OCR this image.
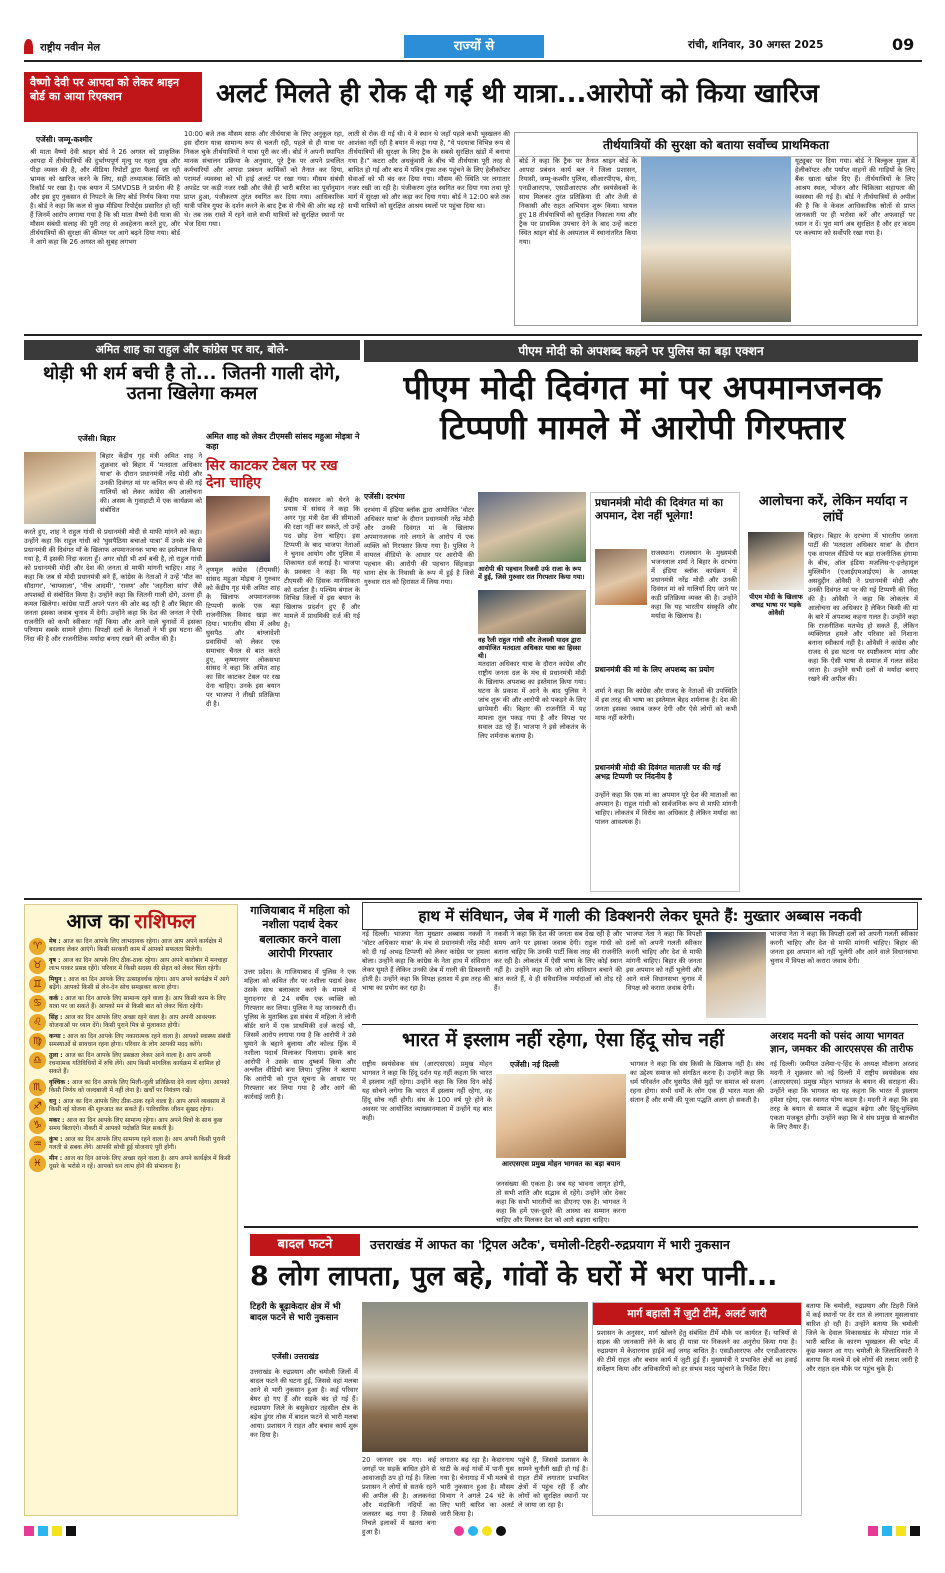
राष्ट्रीय नवीन मेल	राज्यों से	रांची, शनिवार, 30 अगस्त 2025	09
वैष्णो देवी पर आपदा को लेकर श्राइन बोर्ड का आया रिएक्शन	अलर्ट मिलते ही रोक दी गई थी यात्रा...आरोपों को किया खारिज
एजेंसी। जम्मू-कश्मीर
श्री माता वैष्णो देवी श्राइन बोर्ड ने 26 अगस्त को प्राकृतिक आपदा में तीर्थयात्रियों की दुर्भाग्यपूर्ण मृत्यु पर गहरा दुख और पीड़ा व्यक्त की है, और मीडिया रिपोर्टों द्वारा फैलाई जा रही भ्रामक को खारिज करने के लिए, सही तथ्यात्मक स्थिति को रिकॉर्ड पर रखा है। एक बयान में SMVDSB ने प्रार्थना की है और इस हुए नुकसान से निपटने के लिए बोर्ड निर्णय किया गया है। बोर्ड ने कहा कि कल से कुछ मीडिया रिपोर्ट्स प्रसारित हो रही हैं जिनमें आरोप लगाया गया है कि श्री माता वैष्णो देवी यात्रा की मौसम संबंधी सलाह की पूरी तरह से अवहेलना करते हुए, और तीर्थयात्रियों की सुरक्षा की कीमत पर आगे बढ़ने दिया गया। बोर्ड ने आगे कहा कि 26 अगस्त को सुबह लगभग
10:00 बजे तक मौसम साफ़ और तीर्थयात्रा के लिए अनुकूल रहा, इस दौरान यात्रा सामान्य रूप से चलती रही, पहले से ही यात्रा पर निकल चुके तीर्थयात्रियों ने यात्रा पूरी कर ली। बोर्ड ने अपनी स्थापित मानक संचालन प्रक्रिया के अनुसार, पूरे ट्रैक पर अपने प्रचलित कर्मचारियों और आपदा प्रबंधन कार्मिकों को तैनात कर दिया, परामर्श व्यवस्था को भी हाई अलर्ट पर रखा गया। मौसम संबंधी अपडेट पर कड़ी नजर रखी और जैसे ही भारी बारिश का पूर्वानुमान प्राप्त हुआ, पंजीकरण तुरंत स्थगित कर दिया गया। आधिकारिक यात्री पवित्र गुफा के दर्शन करने के बाद ट्रैक से नीचे की ओर बढ़ रहे थे। तब तक रास्ते में रहने वाले सभी यात्रियों को सुरक्षित स्थानों पर भेज दिया गया।
लाती से रोक दी गई थी। ये वे स्थान थे जहाँ पहले कभी भूस्खलन की आशंका नहीं रही है बयान में कहा गया है, "ये पदयात्रा विभिन्न रूप से तीर्थयात्रियों की सुरक्षा के लिए ट्रैक के सबसे सुरक्षित खंडों में बनाया गया है।" कटरा और अधकुंवारी के बीच भी तीर्थयात्रा पूरी तरह से बाधित हो गई और बाद में पवित्र गुफा तक पहुंचने के लिए हेलीकॉप्टर सेवाओं को भी बंद कर दिया गया। मौसम की स्थिति पर लगातार नजर रखी जा रही है। पंजीकरण तुरंत स्थगित कर दिया गया तथा पूरे मार्ग में सुरक्षा को और कड़ा कर दिया गया। बोर्ड ने 12:00 बजे तक सभी यात्रियों को सुरक्षित आश्रय स्थलों पर पहुंचा दिया था।
तीर्थयात्रियों की सुरक्षा को बताया सर्वोच्च प्राथमिकता
बोर्ड ने कहा कि ट्रैक पर तैनात श्राइन बोर्ड के आपदा प्रबंधन कार्य बल ने जिला प्रशासन, रियासी, जम्मू-कश्मीर पुलिस, सीआरपीएफ, सेना, एनडीआरएफ, एसडीआरएफ और स्वयंसेवकों के साथ मिलकर तुरंत प्रतिक्रिया दी और तेजी से निकासी और राहत अभियान शुरू किया। घायल हुए 18 तीर्थयात्रियों को सुरक्षित निकाला गया और ट्रैक पर प्राथमिक उपचार देने के बाद उन्हें कटरा स्थित श्राइन बोर्ड के अस्पताल में स्थानांतरित किया गया।
यूट्यूबर पर दिया गया। बोर्ड ने बिल्कुल मुफ़्त में हेलीकॉप्टर और पर्याप्त वाहनों की गाड़ियों के लिए बैंक खाता खोल दिए हैं। तीर्थयात्रियों के लिए आश्रय स्थल, भोजन और चिकित्सा सहायता की व्यवस्था की गई है। बोर्ड ने तीर्थयात्रियों से अपील की है कि वे केवल आधिकारिक स्रोतों से प्राप्त जानकारी पर ही भरोसा करें और अफवाहों पर ध्यान न दें। पूरा मार्ग अब सुरक्षित है और हर कदम पर कल्याण को सर्वोपरि रखा गया है।
अमित शाह का राहुल और कांग्रेस पर वार, बोले-
थोड़ी भी शर्म बची है तो... जितनी गाली दोगे, उतना खिलेगा कमल
एजेंसी। बिहार
बिहार केंद्रीय गृह मंत्री अमित शाह ने शुक्रवार को बिहार में 'मतदाता अधिकार यात्रा' के दौरान प्रधानमंत्री नरेंद्र मोदी और उनकी दिवंगत मां पर कथित रूप से की गई गालियों को लेकर कांग्रेस की आलोचना की। असम के गुवाहाटी में एक कार्यक्रम को संबोधित
करते हुए, शाह ने राहुल गांधी से प्रधानमंत्री मोदी से माफी मांगने को कहा। उन्होंने कहा कि राहुल गांधी को 'घुसपैठिया बचाओ यात्रा' में उनके मंच से प्रधानमंत्री की दिवंगत माँ के खिलाफ अपमानजनक भाषा का इस्तेमाल किया गया है, मैं इसकी निंदा करता हूँ। अगर थोड़ी भी शर्म बची है, तो राहुल गांधी को प्रधानमंत्री मोदी और देश की जनता से माफी मांगनी चाहिए। शाह ने कहा कि जब से मोदी प्रधानमंत्री बने हैं, कांग्रेस के नेताओं ने उन्हें 'मौत का सौदागर', 'चायवाला', 'नीच आदमी', 'रावण' और 'जहरीला सांप' जैसे अपशब्दों से संबोधित किया है। उन्होंने कहा कि जितनी गाली दोगे, उतना ही कमल खिलेगा। कांग्रेस पार्टी अपने पतन की ओर बढ़ रही है और बिहार की जनता इसका जवाब चुनाव में देगी। उन्होंने कहा कि देश की जनता ने ऐसी राजनीति को कभी स्वीकार नहीं किया और आने वाले चुनावों में इसका परिणाम सबके सामने होगा। विपक्षी दलों के नेताओं ने भी इस घटना की निंदा की है और राजनीतिक मर्यादा बनाए रखने की अपील की है।
अमित शाह को लेकर टीएमसी सांसद महुआ मोइत्रा ने कहा
सिर काटकर टेबल पर रख देना चाहिए
तृणमूल कांग्रेस (टीएमसी) सांसद महुआ मोइत्रा ने गुरुवार को केंद्रीय गृह मंत्री अमित शाह के खिलाफ अपमानजनक टिप्पणी करके एक बड़ा राजनीतिक विवाद खड़ा कर दिया। भारतीय सीमा में अवैध घुसपैठ और बांग्लादेशी प्रवासियों को लेकर एक समाचार चैनल से बात करते हुए, कृष्णानगर लोकसभा सांसद ने कहा कि अमित शाह का सिर काटकर टेबल पर रख देना चाहिए। उनके इस बयान पर भाजपा ने तीखी प्रतिक्रिया दी है।
केंद्रीय सरकार को घेरने के प्रयास में सांसद ने कहा कि अगर गृह मंत्री देश की सीमाओं की रक्षा नहीं कर सकते, तो उन्हें पद छोड़ देना चाहिए। इस टिप्पणी के बाद भाजपा नेताओं ने चुनाव आयोग और पुलिस में शिकायत दर्ज कराई है। भाजपा के प्रवक्ता ने कहा कि यह टीएमसी की हिंसक मानसिकता को दर्शाता है। पश्चिम बंगाल के विभिन्न जिलों में इस बयान के खिलाफ प्रदर्शन हुए हैं और मामले में प्राथमिकी दर्ज की गई है।
पीएम मोदी को अपशब्द कहने पर पुलिस का बड़ा एक्शन
पीएम मोदी दिवंगत मां पर अपमानजनक टिप्पणी मामले में आरोपी गिरफ्तार
एजेंसी। दरभंगा
दरभंगा में इंडिया ब्लॉक द्वारा आयोजित 'वोटर अधिकार यात्रा' के दौरान प्रधानमंत्री नरेंद्र मोदी और उनकी दिवंगत मां के खिलाफ अपमानजनक नारे लगाने के आरोप में एक व्यक्ति को गिरफ्तार किया गया है। पुलिस ने वायरल वीडियो के आधार पर आरोपी की पहचान की। आरोपी की पहचान सिंहवाड़ा थाना क्षेत्र के निवासी के रूप में हुई है जिसे गुरुवार रात को हिरासत में लिया गया।
आरोपी की पहचान रिजवी उर्फ राजा के रूप में हुई, जिसे गुरुवार रात गिरफ्तार किया गया।
वह रैली राहुल गांधी और तेजस्वी यादव द्वारा आयोजित मतदाता अधिकार यात्रा का हिस्सा थी।
मतदाता अधिकार यात्रा के दौरान कांग्रेस और राष्ट्रीय जनता दल के मंच से प्रधानमंत्री मोदी के खिलाफ अपशब्द का इस्तेमाल किया गया। घटना के प्रकाश में आने के बाद पुलिस ने जांच शुरू की और आरोपी को पकड़ने के लिए छापेमारी की। बिहार की राजनीति में यह मामला तूल पकड़ गया है और विपक्ष पर सवाल उठ रहे हैं। भाजपा ने इसे लोकतंत्र के लिए शर्मनाक बताया है।
प्रधानमंत्री मोदी की दिवंगत मां का अपमान, देश नहीं भूलेगा!
राजस्थान। राजस्थान के मुख्यमंत्री भजनलाल शर्मा ने बिहार के दरभंगा में इंडिया ब्लॉक कार्यक्रम में प्रधानमंत्री नरेंद्र मोदी और उनकी दिवंगत मां को गालियाँ दिए जाने पर कड़ी प्रतिक्रिया व्यक्त की है। उन्होंने कहा कि यह भारतीय संस्कृति और मर्यादा के खिलाफ है।
प्रधानमंत्री की मां के लिए अपशब्द का प्रयोग
शर्मा ने कहा कि कांग्रेस और राजद के नेताओं की उपस्थिति में इस तरह की भाषा का इस्तेमाल बेहद शर्मनाक है। देश की जनता इसका जवाब जरूर देगी और ऐसे लोगों को कभी माफ नहीं करेगी।
प्रधानमंत्री मोदी की दिवंगत माताजी पर की गई अभद्र टिप्पणी पर निंदनीय है
उन्होंने कहा कि एक मां का अपमान पूरे देश की माताओं का अपमान है। राहुल गांधी को सार्वजनिक रूप से माफी मांगनी चाहिए। लोकतंत्र में विरोध का अधिकार है लेकिन मर्यादा का पालन आवश्यक है।
आलोचना करें, लेकिन मर्यादा न लांघें
पीएम मोदी के खिलाफ अभद्र भाषा पर भड़के ओवैसी
बिहार। बिहार के दरभंगा में भारतीय जनता पार्टी की 'मतदाता अधिकार यात्रा' के दौरान एक वायरल वीडियो पर बड़ा राजनीतिक हंगामा के बीच, ऑल इंडिया मजलिस-ए-इत्तेहादुल मुस्लिमीन (एआईएमआईएम) के अध्यक्ष असदुद्दीन ओवैसी ने प्रधानमंत्री मोदी और उनकी दिवंगत मां पर की गई टिप्पणी की निंदा की है। ओवैसी ने कहा कि लोकतंत्र में आलोचना का अधिकार है लेकिन किसी की मां के बारे में अपशब्द कहना गलत है। उन्होंने कहा कि राजनीतिक मतभेद हो सकते हैं, लेकिन व्यक्तिगत हमले और परिवार को निशाना बनाना स्वीकार्य नहीं है। ओवैसी ने कांग्रेस और राजद से इस घटना पर स्पष्टीकरण मांगा और कहा कि ऐसी भाषा से समाज में गलत संदेश जाता है। उन्होंने सभी दलों से मर्यादा बनाए रखने की अपील की।
आज का राशिफल
♈	मेष : आज का दिन आपके लिए लाभदायक रहेगा। आज आप अपने कार्यक्षेत्र में बदलाव लेकर आएंगे। किसी सरकारी काम में आपको सफलता मिलेगी।
♉	वृष : आज का दिन आपके लिए ठीक-ठाक रहेगा। आप अपने कारोबार में मनचाहा लाभ पाकर प्रसन्न रहेंगे। परिवार में किसी सदस्य की सेहत को लेकर चिंता रहेगी।
♊	मिथुन : आज का दिन आपके लिए उत्साहवर्धक रहेगा। आप अपने कार्यक्षेत्र में आगे बढ़ेंगे। आपको किसी से लेन-देन सोच समझकर करना होगा।
♋	कर्क : आज का दिन आपके लिए सामान्य रहने वाला है। आप किसी काम के लिए यात्रा पर जा सकते हैं। आपको मन से किसी बात को लेकर चिंता रहेगी।
♌	सिंह : आज का दिन आपके लिए अच्छा रहने वाला है। आप अपनी आवश्यक योजनाओं पर ध्यान देंगे। किसी पुराने मित्र से मुलाकात होगी।
♍	कन्या : आज का दिन आपके लिए नकारात्मक रहने वाला है। आपको स्वास्थ्य संबंधी समस्याओं से सावधान रहना होगा। परिवार के लोग आपकी मदद करेंगे।
♎	तुला : आज का दिन आपके लिए प्रसन्नता लेकर आने वाला है। आप अपनी रचनात्मक गतिविधियों में रुचि लेंगे। आप किसी मांगलिक कार्यक्रम में शामिल हो सकते हैं।
♏	वृश्चिक : आज का दिन आपके लिए मिली-जुली प्रतिक्रिया देने वाला रहेगा। आपको किसी निर्णय को जल्दबाजी में नहीं लेना है। खर्चों पर नियंत्रण रखें।
♐	धनु : आज का दिन आपके लिए ठीक-ठाक रहने वाला है। आप अपने व्यवसाय में किसी नई योजना की शुरुआत कर सकते हैं। पारिवारिक जीवन सुखद रहेगा।
♑	मकर : आज का दिन आपके लिए सामान्य रहेगा। आप अपने मित्रों के साथ कुछ समय बिताएंगे। नौकरी में आपको पदोन्नति मिल सकती है।
♒	कुंभ : आज का दिन आपके लिए सामान्य रहने वाला है। आप अपनी किसी पुरानी गलती से सबक लेंगे। आपकी सोची हुई योजनाएं पूरी होंगी।
♓	मीन : आज का दिन आपके लिए अच्छा रहने वाला है। आप अपने कार्यक्षेत्र में किसी दूसरे के भरोसे न रहें। आपको धन लाभ होने की संभावना है।
गाजियाबाद में महिला को नशीला पदार्थ देकर बलात्कार करने वाला आरोपी गिरफ्तार
उत्तर प्रदेश। के गाजियाबाद में पुलिस ने एक महिला को कथित तौर पर नशीला पदार्थ देकर उसके साथ बलात्कार करने के मामले में मुरादनगर से 24 वर्षीय एक व्यक्ति को गिरफ्तार कर लिया। पुलिस ने यह जानकारी दी। पुलिस के मुताबिक इस संबंध में महिला ने लोनी बॉर्डर थाने में एक प्राथमिकी दर्ज कराई थी, जिसमें आरोप लगाया गया है कि आरोपी ने उसे घुमाने के बहाने बुलाया और कोल्ड ड्रिंक में नशीला पदार्थ मिलाकर पिलाया। इसके बाद आरोपी ने उसके साथ दुष्कर्म किया और अश्लील वीडियो बना लिया। पुलिस ने बताया कि आरोपी को गुप्त सूचना के आधार पर गिरफ्तार कर लिया गया है और आगे की कार्रवाई जारी है।
हाथ में संविधान, जेब में गाली की डिक्शनरी लेकर घूमते हैं: मुख्तार अब्बास नकवी
नई दिल्ली। भाजपा नेता मुख्तार अब्बास नकवी ने 'वोटर अधिकार यात्रा' के मंच से प्रधानमंत्री नरेंद्र मोदी को दी गई अभद्र टिप्पणी को लेकर कांग्रेस पर हमला बोला। उन्होंने कहा कि कांग्रेस के नेता हाथ में संविधान लेकर घूमते हैं लेकिन उनकी जेब में गाली की डिक्शनरी होती है। उन्होंने कहा कि विपक्ष हताशा में इस तरह की भाषा का प्रयोग कर रहा है।
नकवी ने कहा कि देश की जनता सब देख रही है और समय आने पर इसका जवाब देगी। राहुल गांधी को बताना चाहिए कि उनकी पार्टी किस तरह की राजनीति कर रही है। लोकतंत्र में ऐसी भाषा के लिए कोई स्थान नहीं है। उन्होंने कहा कि जो लोग संविधान बचाने की बात करते हैं, वे ही संवैधानिक मर्यादाओं को तोड़ रहे हैं।
भाजपा नेता ने कहा कि विपक्षी दलों को अपनी गलती स्वीकार करनी चाहिए और देश से माफी मांगनी चाहिए। बिहार की जनता इस अपमान को नहीं भूलेगी और आने वाले विधानसभा चुनाव में विपक्ष को करारा जवाब देगी।
भाजपा नेता ने कहा कि विपक्षी दलों को अपनी गलती स्वीकार करनी चाहिए और देश से माफी मांगनी चाहिए। बिहार की जनता इस अपमान को नहीं भूलेगी और आने वाले विधानसभा चुनाव में विपक्ष को करारा जवाब देगी।
भारत में इस्लाम नहीं रहेगा, ऐसा हिंदू सोच नहीं
एजेंसी। नई दिल्ली
राष्ट्रीय स्वयंसेवक संघ (आरएसएस) प्रमुख मोहन भागवत ने कहा कि हिंदू दर्शन यह नहीं कहता कि भारत में इस्लाम नहीं रहेगा। उन्होंने कहा कि जिस दिन कोई यह सोचने लगेगा कि भारत में इस्लाम नहीं रहेगा, वह हिंदू सोच नहीं होगी। संघ के 100 वर्ष पूरे होने के अवसर पर आयोजित व्याख्यानमाला में उन्होंने यह बात कही।
आरएसएस प्रमुख मोहन भागवत का बड़ा बयान
जनसंख्या की एकता है। जब यह भावना जागृत होगी, तो सभी शांति और सद्भाव से रहेंगे। उन्होंने जोर देकर कहा कि सभी भारतीयों का डीएनए एक है। भागवत ने कहा कि हमें एक-दूसरे की आस्था का सम्मान करना चाहिए और मिलकर देश को आगे बढ़ाना चाहिए।
भागवत ने कहा कि संघ किसी के खिलाफ नहीं है। संघ का उद्देश्य समाज को संगठित करना है। उन्होंने कहा कि धर्म परिवर्तन और घुसपैठ जैसे मुद्दों पर समाज को सजग रहना होगा। सभी धर्मों के लोग एक ही भारत माता की संतान हैं और सभी की पूजा पद्धति अलग हो सकती है।
अरशद मदनी को पसंद आया भागवत ज्ञान, जमकर की आरएसएस की तारीफ
नई दिल्ली। जमीयत उलेमा-ए-हिंद के अध्यक्ष मौलाना अरशद मदनी ने शुक्रवार को नई दिल्ली में राष्ट्रीय स्वयंसेवक संघ (आरएसएस) प्रमुख मोहन भागवत के बयान की सराहना की। उन्होंने कहा कि भागवत का यह कहना कि भारत में इस्लाम हमेशा रहेगा, एक स्वागत योग्य कदम है। मदनी ने कहा कि इस तरह के बयान से समाज में सद्भाव बढ़ेगा और हिंदू-मुस्लिम एकता मजबूत होगी। उन्होंने कहा कि वे संघ प्रमुख से बातचीत के लिए तैयार हैं।
बादल फटने	उत्तराखंड में आफत का 'ट्रिपल अटैक', चमोली-टिहरी-रुद्रप्रयाग में भारी नुकसान
8 लोग लापता, पुल बहे, गांवों के घरों में भरा पानी...
टिहरी के बूढ़ाकेदार क्षेत्र में भी बादल फटने से भारी नुकसान
एजेंसी। उत्तराखंड
उत्तराखंड के रुद्रप्रयाग और चमोली जिलों में बादल फटने की घटना हुई, जिससे वहां मलबा आने से भारी नुकसान हुआ है। कई परिवार बेघर हो गए हैं और सड़कें बंद हो गई हैं। रुद्रप्रयाग जिले के बसुकेदार तहसील क्षेत्र के बड़ेथ डुंगर तोक में बादल फटने से भारी मलबा आया। प्रशासन ने राहत और बचाव कार्य शुरू कर दिया है।
20 जानवर दब गए। कई जगहों पर सड़कें बाधित होने से आवाजाही ठप हो गई है। जिला प्रशासन ने लोगों से सतर्क रहने की अपील की है। अलकनंदा और मंदाकिनी नदियों का जलस्तर बढ़ गया है जिससे निचले इलाकों में खतरा बना हुआ है।
लगातार बढ़ रहा है। केदारनाथ घाटी के कई गांवों में पानी घुस गया है। चेनागाड़ में भी मलबे से भारी नुकसान हुआ है। मौसम विभाग ने अगले 24 घंटे के लिए भारी बारिश का अलर्ट जारी किया है।
पहुंचे हैं, जिससे प्रशासन के सामने चुनौती खड़ी हो गई है। राहत टीमें लगातार प्रभावित क्षेत्रों में पहुंच रही हैं और लोगों को सुरक्षित स्थानों पर ले जाया जा रहा है।
मार्ग बहाली में जुटी टीमें, अलर्ट जारी
प्रशासन के अनुसार, मार्ग खोलने हेतु संबंधित टीमें मौके पर कार्यरत हैं। यात्रियों से सड़क की जानकारी लेने के बाद ही यात्रा पर निकलने का अनुरोध किया गया है। रुद्रप्रयाग में केदारनाथ हाईवे कई जगह बाधित है। एसडीआरएफ और एनडीआरएफ की टीमें राहत और बचाव कार्य में जुटी हुई हैं। मुख्यमंत्री ने प्रभावित क्षेत्रों का हवाई सर्वेक्षण किया और अधिकारियों को हर संभव मदद पहुंचाने के निर्देश दिए।
बताया कि चमोली, रुद्रप्रयाग और टिहरी जिले में कई स्थानों पर देर रात से लगातार मूसलाधार बारिश हो रही है। उन्होंने बताया कि चमोली जिले के देवाल विकासखंड के मोपाटा गांव में भारी बारिश के कारण भूस्खलन की चपेट में कुछ मकान आ गए। चमोली के जिलाधिकारी ने बताया कि मलबे में दबे लोगों की तलाश जारी है और राहत दल मौके पर पहुंच चुके हैं।
